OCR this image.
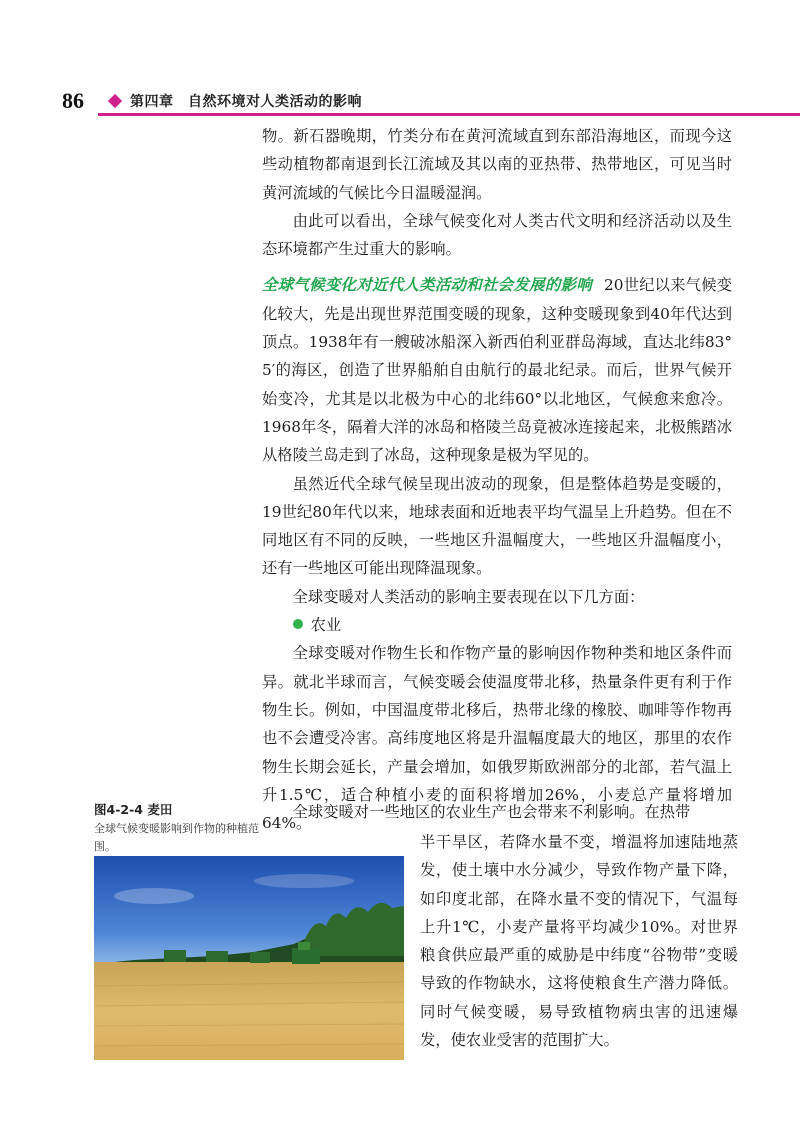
86	第四章　自然环境对人类活动的影响

物。新石器晚期，竹类分布在黄河流域直到东部沿海地区，而现今这些动植物都南退到长江流域及其以南的亚热带、热带地区，可见当时黄河流域的气候比今日温暖湿润。

由此可以看出，全球气候变化对人类古代文明和经济活动以及生态环境都产生过重大的影响。

全球气候变化对近代人类活动和社会发展的影响 20世纪以来气候变化较大，先是出现世界范围变暖的现象，这种变暖现象到40年代达到顶点。1938年有一艘破冰船深入新西伯利亚群岛海域，直达北纬83° 5′的海区，创造了世界船舶自由航行的最北纪录。而后，世界气候开始变冷，尤其是以北极为中心的北纬60°以北地区，气候愈来愈冷。1968年冬，隔着大洋的冰岛和格陵兰岛竟被冰连接起来，北极熊踏冰从格陵兰岛走到了冰岛，这种现象是极为罕见的。

虽然近代全球气候呈现出波动的现象，但是整体趋势是变暖的，19世纪80年代以来，地球表面和近地表平均气温呈上升趋势。但在不同地区有不同的反映，一些地区升温幅度大，一些地区升温幅度小，还有一些地区可能出现降温现象。

全球变暖对人类活动的影响主要表现在以下几方面：

农业

全球变暖对作物生长和作物产量的影响因作物种类和地区条件而异。就北半球而言，气候变暖会使温度带北移，热量条件更有利于作物生长。例如，中国温度带北移后，热带北缘的橡胶、咖啡等作物再也不会遭受冷害。高纬度地区将是升温幅度最大的地区，那里的农作物生长期会延长，产量会增加，如俄罗斯欧洲部分的北部，若气温上升1.5℃，适合种植小麦的面积将增加26%，小麦总产量将增加64%。

全球变暖对一些地区的农业生产也会带来不利影响。在热带
半干旱区，若降水量不变，增温将加速陆地蒸发，使土壤中水分减少，导致作物产量下降，如印度北部，在降水量不变的情况下，气温每上升1℃，小麦产量将平均减少10%。对世界粮食供应最严重的威胁是中纬度“谷物带”变暖导致的作物缺水，这将使粮食生产潜力降低。同时气候变暖，易导致植物病虫害的迅速爆发，使农业受害的范围扩大。
图4-2-4 麦田
全球气候变暖影响到作物的种植范围。
